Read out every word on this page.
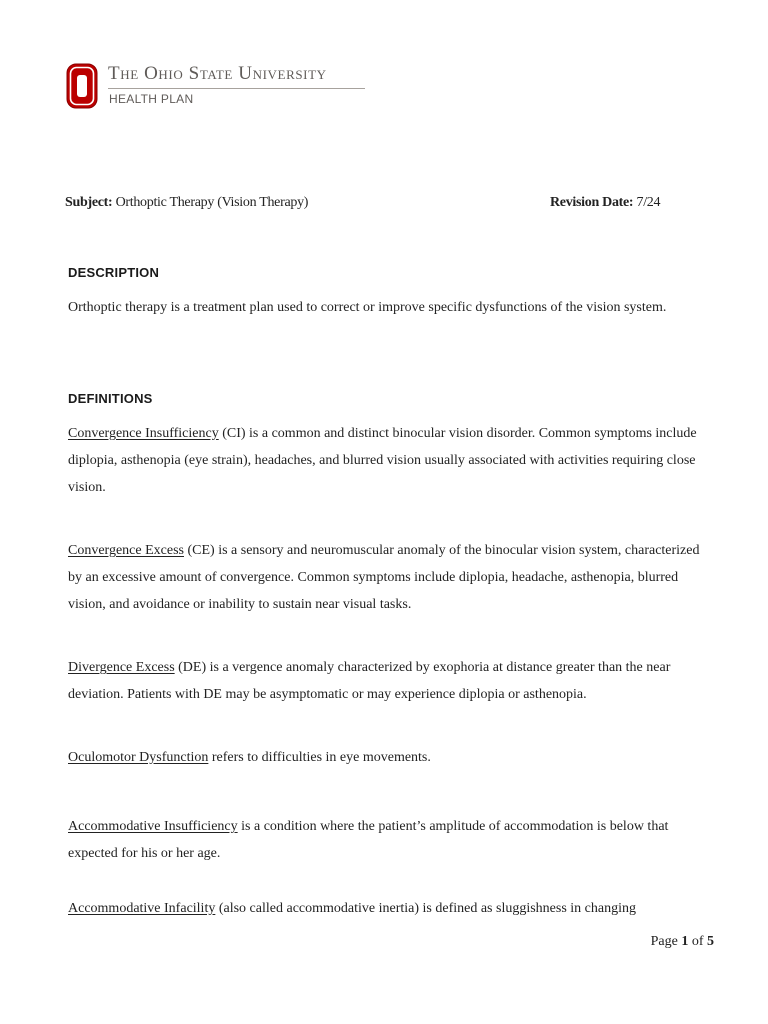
The Ohio State University
HEALTH PLAN
Subject: Orthoptic Therapy (Vision Therapy)	Revision Date: 7/24
DESCRIPTION

Orthoptic therapy is a treatment plan used to correct or improve specific dysfunctions of the vision system.

DEFINITIONS

Convergence Insufficiency (CI) is a common and distinct binocular vision disorder. Common symptoms include diplopia, asthenopia (eye strain), headaches, and blurred vision usually associated with activities requiring close vision.

Convergence Excess (CE) is a sensory and neuromuscular anomaly of the binocular vision system, characterized by an excessive amount of convergence. Common symptoms include diplopia, headache, asthenopia, blurred vision, and avoidance or inability to sustain near visual tasks.

Divergence Excess (DE) is a vergence anomaly characterized by exophoria at distance greater than the near deviation. Patients with DE may be asymptomatic or may experience diplopia or asthenopia.

Oculomotor Dysfunction refers to difficulties in eye movements.

Accommodative Insufficiency is a condition where the patient’s amplitude of accommodation is below that expected for his or her age.

Accommodative Infacility (also called accommodative inertia) is defined as sluggishness in changing

Page 1 of 5
